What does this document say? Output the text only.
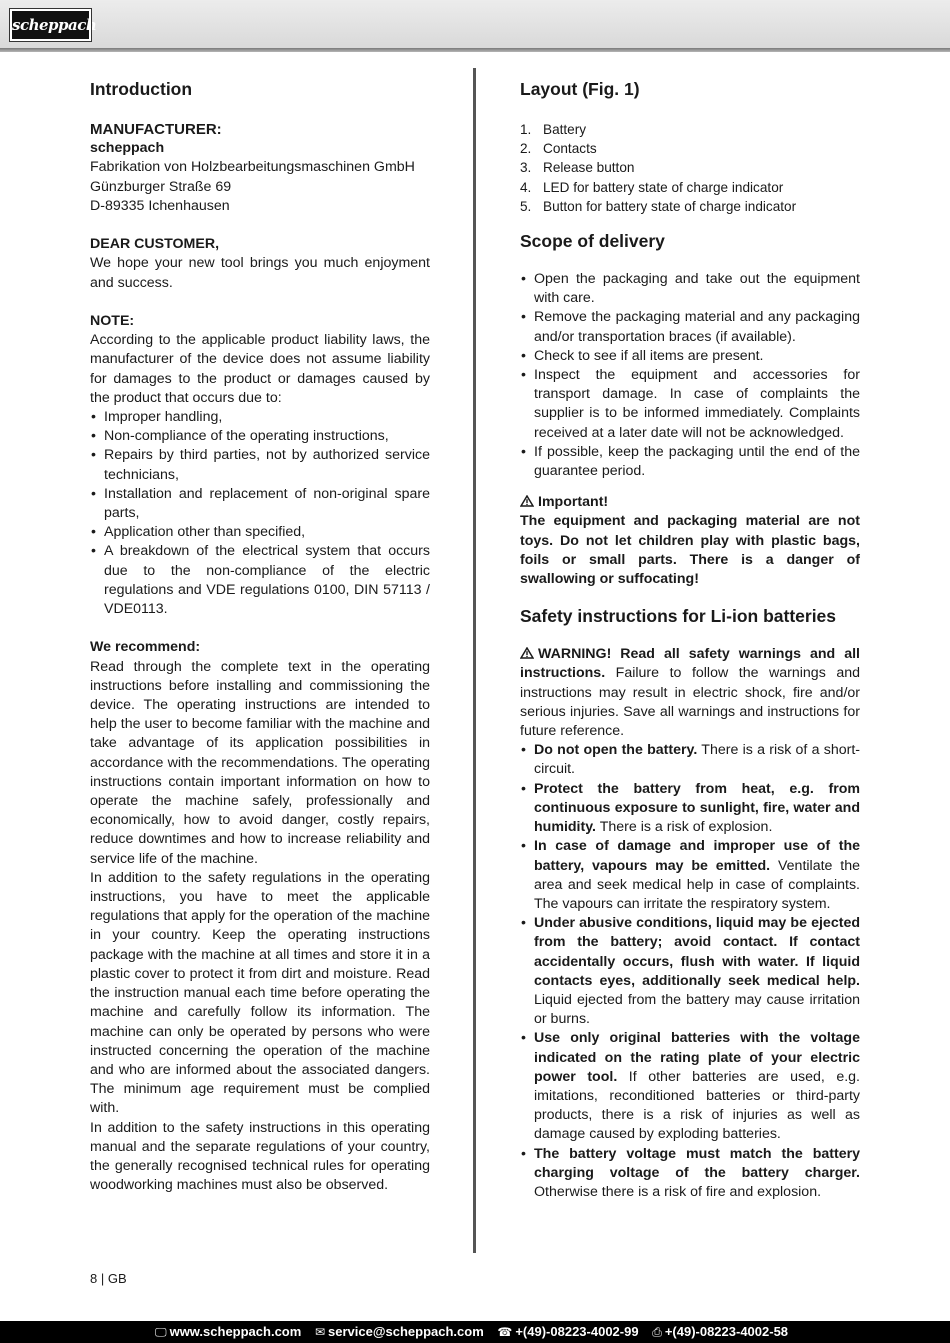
scheppach
Introduction
MANUFACTURER:
scheppach
Fabrikation von Holzbearbeitungsmaschinen GmbH
Günzburger Straße 69
D-89335 Ichenhausen
DEAR CUSTOMER,

We hope your new tool brings you much enjoyment and success.

NOTE:

According to the applicable product liability laws, the manufacturer of the device does not assume liability for damages to the product or damages caused by the product that occurs due to:

• Improper handling,
• Non-compliance of the operating instructions,
• Repairs by third parties, not by authorized service technicians,
• Installation and replacement of non-original spare parts,
• Application other than specified,
• A breakdown of the electrical system that occurs due to the non-compliance of the electric regulations and VDE regulations 0100, DIN 57113 / VDE0113.
We recommend:

Read through the complete text in the operating instructions before installing and commissioning the device. The operating instructions are intended to help the user to become familiar with the machine and take advantage of its application possibilities in accordance with the recommendations. The operating instructions contain important information on how to operate the machine safely, professionally and economically, how to avoid danger, costly repairs, reduce downtimes and how to increase reliability and service life of the machine.

In addition to the safety regulations in the operating instructions, you have to meet the applicable regulations that apply for the operation of the machine in your country. Keep the operating instructions package with the machine at all times and store it in a plastic cover to protect it from dirt and moisture. Read the instruction manual each time before operating the machine and carefully follow its information. The machine can only be operated by persons who were instructed concerning the operation of the machine and who are informed about the associated dangers. The minimum age requirement must be complied with.

In addition to the safety instructions in this operating manual and the separate regulations of your country, the generally recognised technical rules for operating woodworking machines must also be observed.

Layout (Fig. 1)
1. Battery
2. Contacts
3. Release button
4. LED for battery state of charge indicator
5. Button for battery state of charge indicator
Scope of delivery
• Open the packaging and take out the equipment with care.
• Remove the packaging material and any packaging and/or transportation braces (if available).
• Check to see if all items are present.
• Inspect the equipment and accessories for transport damage. In case of complaints the supplier is to be informed immediately. Complaints received at a later date will not be acknowledged.
• If possible, keep the packaging until the end of the guarantee period.
Important!

The equipment and packaging material are not toys. Do not let children play with plastic bags, foils or small parts. There is a danger of swallowing or suffocating!

Safety instructions for Li-ion batteries

WARNING! Read all safety warnings and all instructions. Failure to follow the warnings and instructions may result in electric shock, fire and/or serious injuries. Save all warnings and instructions for future reference.

• Do not open the battery. There is a risk of a short-circuit.
• Protect the battery from heat, e.g. from continuous exposure to sunlight, fire, water and humidity. There is a risk of explosion.
• In case of damage and improper use of the battery, vapours may be emitted. Ventilate the area and seek medical help in case of complaints. The vapours can irritate the respiratory system.
• Under abusive conditions, liquid may be ejected from the battery; avoid contact. If contact accidentally occurs, flush with water. If liquid contacts eyes, additionally seek medical help. Liquid ejected from the battery may cause irritation or burns.
• Use only original batteries with the voltage indicated on the rating plate of your electric power tool. If other batteries are used, e.g. imitations, reconditioned batteries or third-party products, there is a risk of injuries as well as damage caused by exploding batteries.
• The battery voltage must match the battery charging voltage of the battery charger. Otherwise there is a risk of fire and explosion.
8 | GB
🖵 www.scheppach.com ✉ service@scheppach.com ☎ +(49)-08223-4002-99 ⎙ +(49)-08223-4002-58
